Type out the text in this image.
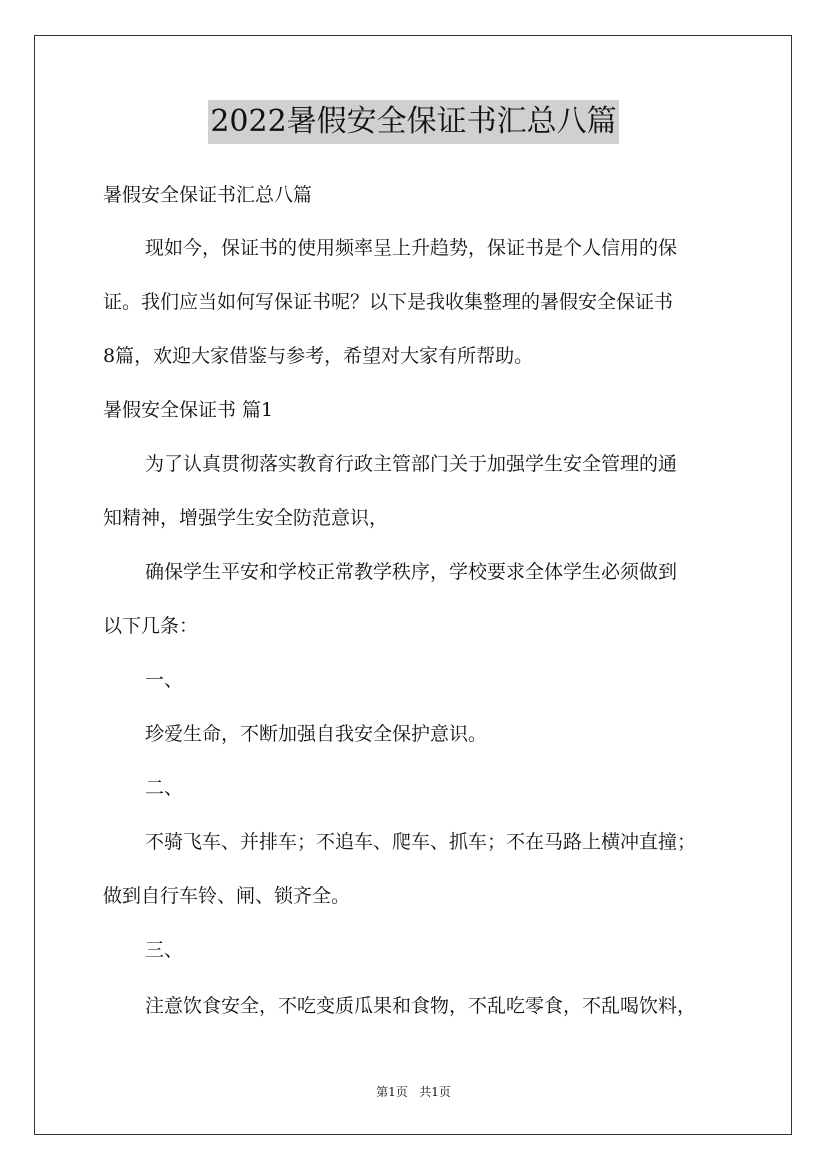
2022暑假安全保证书汇总八篇
暑假安全保证书汇总八篇
现如今，保证书的使用频率呈上升趋势，保证书是个人信用的保
证。我们应当如何写保证书呢？以下是我收集整理的暑假安全保证书
8篇，欢迎大家借鉴与参考，希望对大家有所帮助。
暑假安全保证书 篇1
为了认真贯彻落实教育行政主管部门关于加强学生安全管理的通
知精神，增强学生安全防范意识，
确保学生平安和学校正常教学秩序，学校要求全体学生必须做到
以下几条：
一、
珍爱生命，不断加强自我安全保护意识。
二、
不骑飞车、并排车；不追车、爬车、抓车；不在马路上横冲直撞；
做到自行车铃、闸、锁齐全。
三、
注意饮食安全，不吃变质瓜果和食物，不乱吃零食，不乱喝饮料，
第1页 共1页
